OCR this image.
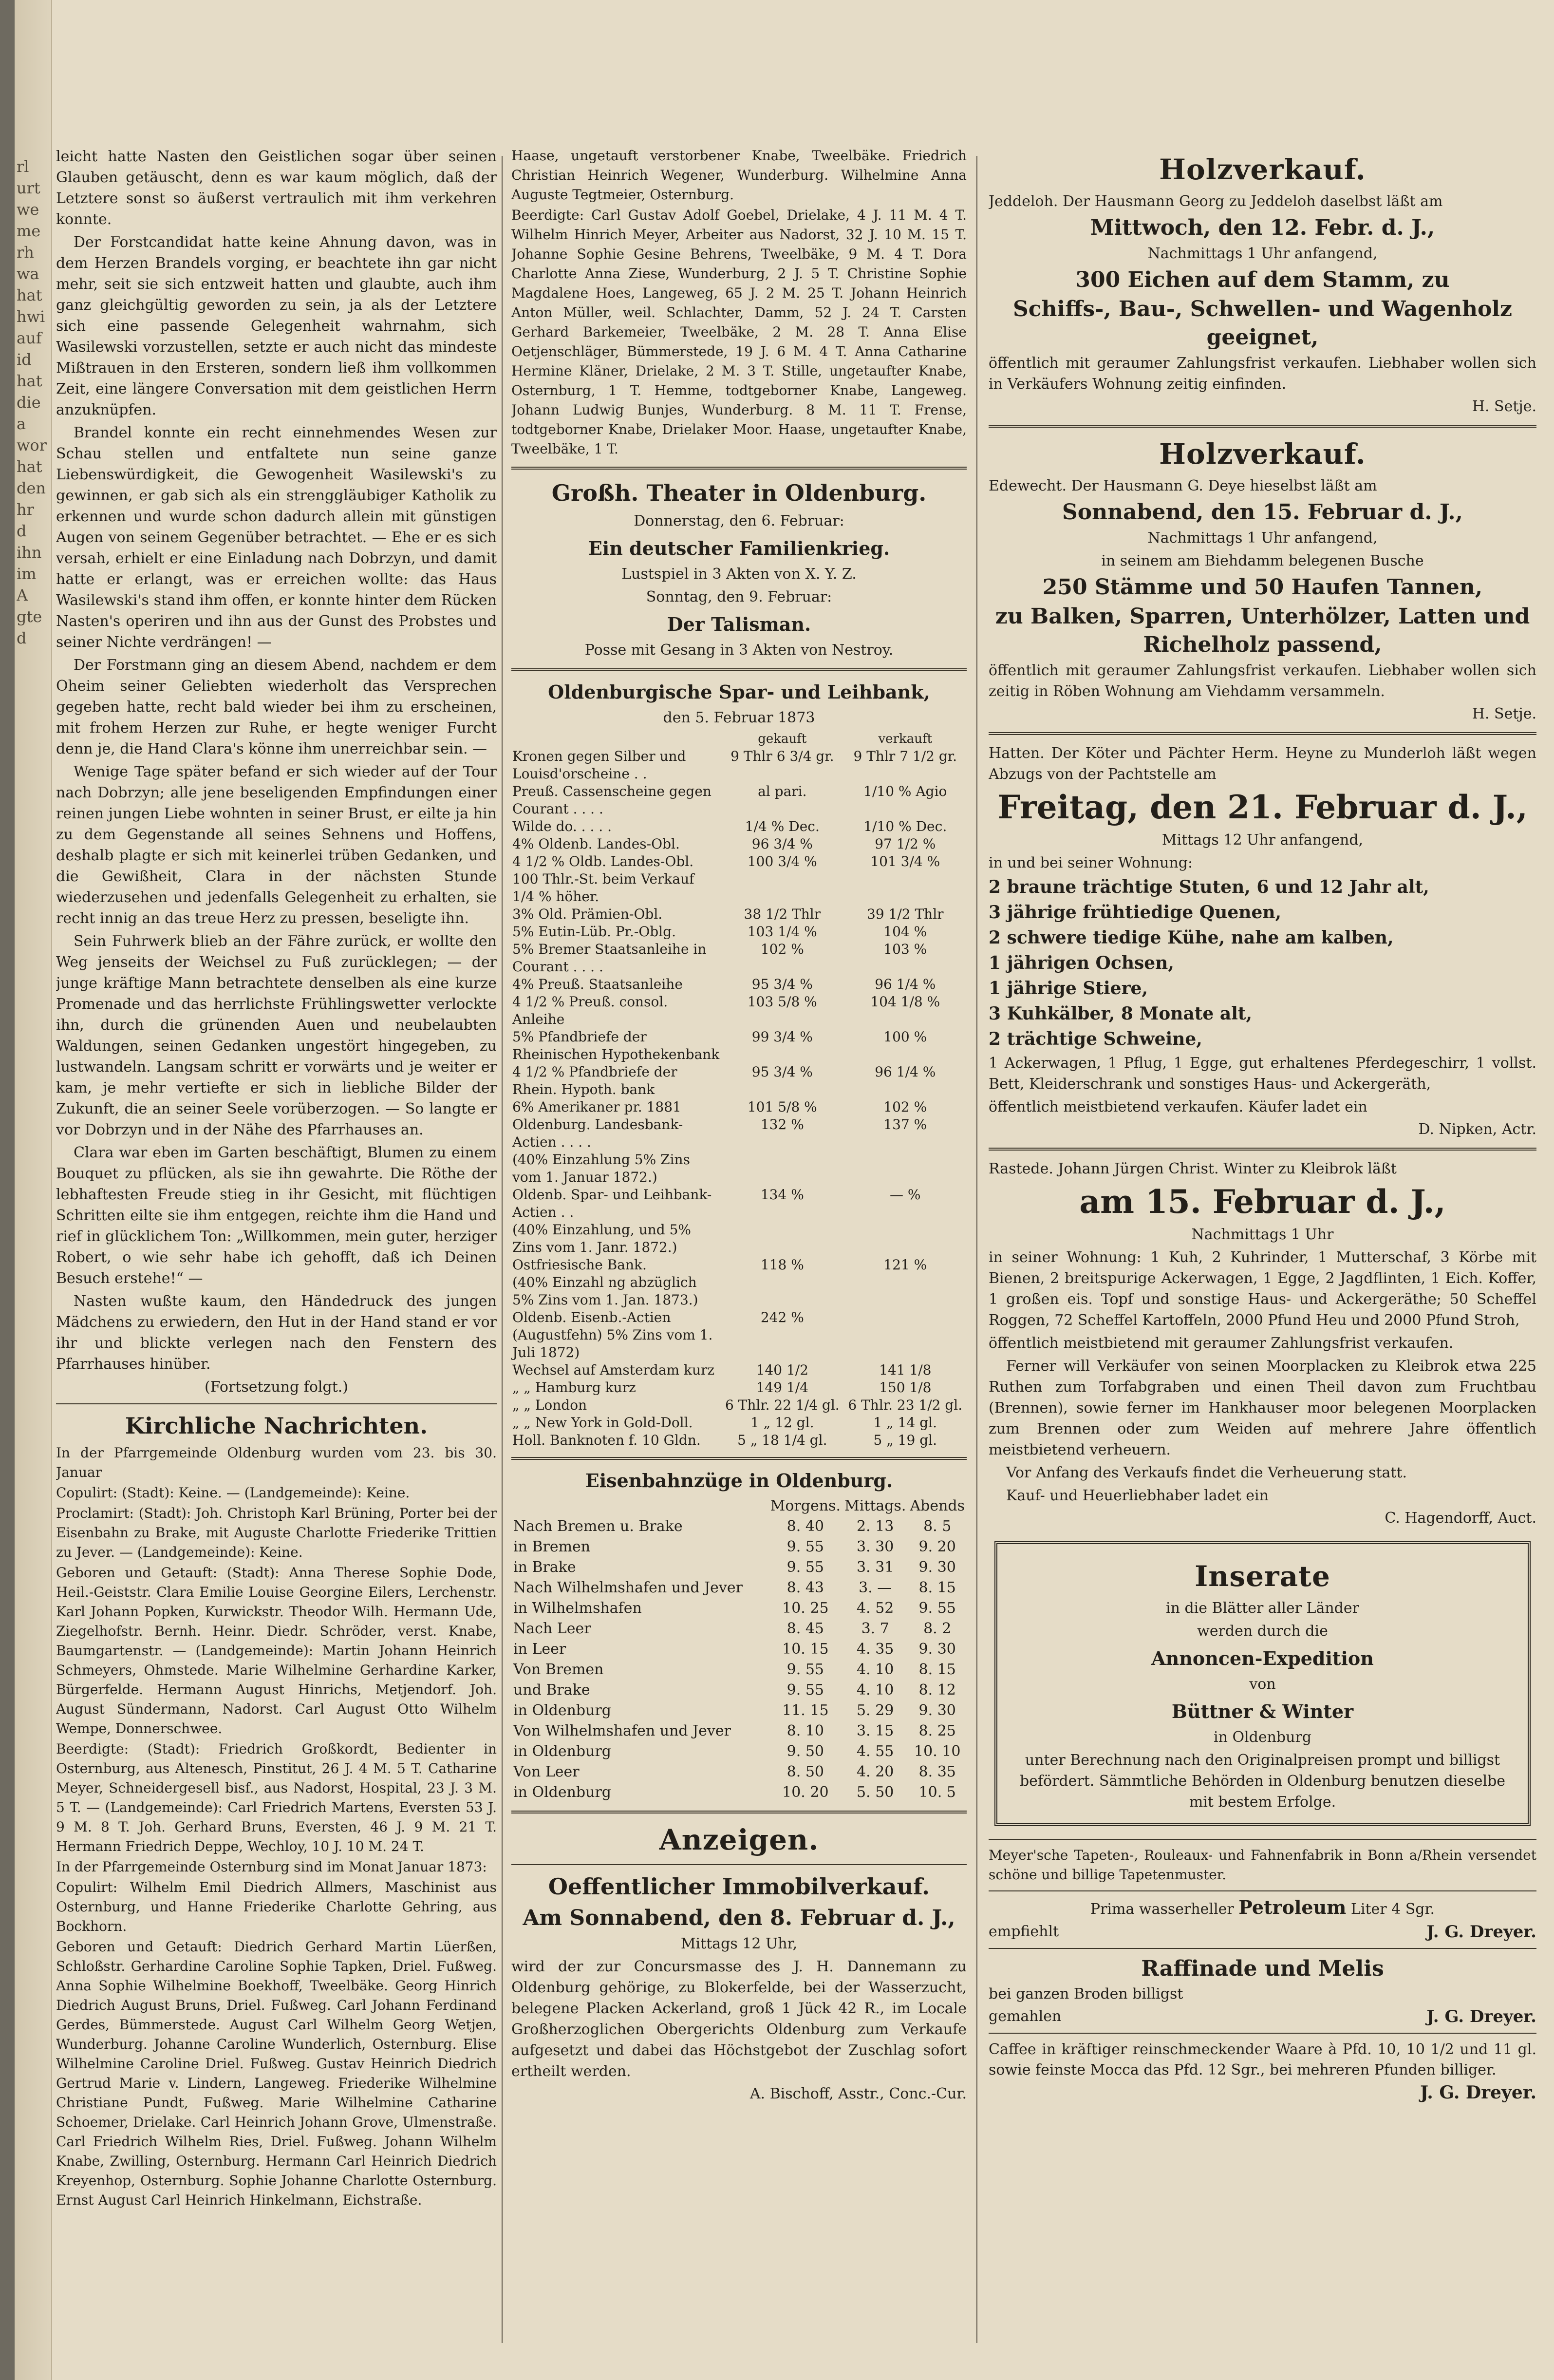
rl
urt
we
me
rh
wa
hat
hwi
auf
id
hat
die
a
wor
hat
den
hr
d
ihn
im
A
gte
d

leicht hatte Nasten den Geistlichen sogar über seinen Glauben getäuscht, denn es war kaum möglich, daß der Letztere sonst so äußerst vertraulich mit ihm verkehren konnte.

Der Forstcandidat hatte keine Ahnung davon, was in dem Herzen Brandels vorging, er beachtete ihn gar nicht mehr, seit sie sich entzweit hatten und glaubte, auch ihm ganz gleichgültig geworden zu sein, ja als der Letztere sich eine passende Gelegenheit wahrnahm, sich Wasilewski vorzustellen, setzte er auch nicht das mindeste Mißtrauen in den Ersteren, sondern ließ ihm vollkommen Zeit, eine längere Conversation mit dem geistlichen Herrn anzuknüpfen.

Brandel konnte ein recht einnehmendes Wesen zur Schau stellen und entfaltete nun seine ganze Liebenswürdigkeit, die Gewogenheit Wasilewski's zu gewinnen, er gab sich als ein strenggläubiger Katholik zu erkennen und wurde schon dadurch allein mit günstigen Augen von seinem Gegenüber betrachtet. — Ehe er es sich versah, erhielt er eine Einladung nach Dobrzyn, und damit hatte er erlangt, was er erreichen wollte: das Haus Wasilewski's stand ihm offen, er konnte hinter dem Rücken Nasten's operiren und ihn aus der Gunst des Probstes und seiner Nichte verdrängen! —

Der Forstmann ging an diesem Abend, nachdem er dem Oheim seiner Geliebten wiederholt das Versprechen gegeben hatte, recht bald wieder bei ihm zu erscheinen, mit frohem Herzen zur Ruhe, er hegte weniger Furcht denn je, die Hand Clara's könne ihm unerreichbar sein. —

Wenige Tage später befand er sich wieder auf der Tour nach Dobrzyn; alle jene beseligenden Empfindungen einer reinen jungen Liebe wohnten in seiner Brust, er eilte ja hin zu dem Gegenstande all seines Sehnens und Hoffens, deshalb plagte er sich mit keinerlei trüben Gedanken, und die Gewißheit, Clara in der nächsten Stunde wiederzusehen und jedenfalls Gelegenheit zu erhalten, sie recht innig an das treue Herz zu pressen, beseligte ihn.

Sein Fuhrwerk blieb an der Fähre zurück, er wollte den Weg jenseits der Weichsel zu Fuß zurücklegen; — der junge kräftige Mann betrachtete denselben als eine kurze Promenade und das herrlichste Frühlingswetter verlockte ihn, durch die grünenden Auen und neubelaubten Waldungen, seinen Gedanken ungestört hingegeben, zu lustwandeln. Langsam schritt er vorwärts und je weiter er kam, je mehr vertiefte er sich in liebliche Bilder der Zukunft, die an seiner Seele vorüberzogen. — So langte er vor Dobrzyn und in der Nähe des Pfarrhauses an.

Clara war eben im Garten beschäftigt, Blumen zu einem Bouquet zu pflücken, als sie ihn gewahrte. Die Röthe der lebhaftesten Freude stieg in ihr Gesicht, mit flüchtigen Schritten eilte sie ihm entgegen, reichte ihm die Hand und rief in glücklichem Ton: „Willkommen, mein guter, herziger Robert, o wie sehr habe ich gehofft, daß ich Deinen Besuch erstehe!“ —

Nasten wußte kaum, den Händedruck des jungen Mädchens zu erwiedern, den Hut in der Hand stand er vor ihr und blickte verlegen nach den Fenstern des Pfarrhauses hinüber.

(Fortsetzung folgt.)

Kirchliche Nachrichten.

In der Pfarrgemeinde Oldenburg wurden vom 23. bis 30. Januar

Copulirt: (Stadt): Keine. — (Landgemeinde): Keine.

Proclamirt: (Stadt): Joh. Christoph Karl Brüning, Porter bei der Eisenbahn zu Brake, mit Auguste Charlotte Friederike Trittien zu Jever. — (Landgemeinde): Keine.

Geboren und Getauft: (Stadt): Anna Therese Sophie Dode, Heil.-Geiststr. Clara Emilie Louise Georgine Eilers, Lerchenstr. Karl Johann Popken, Kurwickstr. Theodor Wilh. Hermann Ude, Ziegelhofstr. Bernh. Heinr. Diedr. Schröder, verst. Knabe, Baumgartenstr. — (Landgemeinde): Martin Johann Heinrich Schmeyers, Ohmstede. Marie Wilhelmine Gerhardine Karker, Bürgerfelde. Hermann August Hinrichs, Metjendorf. Joh. August Sündermann, Nadorst. Carl August Otto Wilhelm Wempe, Donnerschwee.

Beerdigte: (Stadt): Friedrich Großkordt, Bedienter in Osternburg, aus Altenesch, Pinstitut, 26 J. 4 M. 5 T. Catharine Meyer, Schneidergesell bisf., aus Nadorst, Hospital, 23 J. 3 M. 5 T. — (Landgemeinde): Carl Friedrich Martens, Eversten 53 J. 9 M. 8 T. Joh. Gerhard Bruns, Eversten, 46 J. 9 M. 21 T. Hermann Friedrich Deppe, Wechloy, 10 J. 10 M. 24 T.

In der Pfarrgemeinde Osternburg sind im Monat Januar 1873:

Copulirt: Wilhelm Emil Diedrich Allmers, Maschinist aus Osternburg, und Hanne Friederike Charlotte Gehring, aus Bockhorn.

Geboren und Getauft: Diedrich Gerhard Martin Lüerßen, Schloßstr. Gerhardine Caroline Sophie Tapken, Driel. Fußweg. Anna Sophie Wilhelmine Boekhoff, Tweelbäke. Georg Hinrich Diedrich August Bruns, Driel. Fußweg. Carl Johann Ferdinand Gerdes, Bümmerstede. August Carl Wilhelm Georg Wetjen, Wunderburg. Johanne Caroline Wunderlich, Osternburg. Elise Wilhelmine Caroline Driel. Fußweg. Gustav Heinrich Diedrich Gertrud Marie v. Lindern, Langeweg. Friederike Wilhelmine Christiane Pundt, Fußweg. Marie Wilhelmine Catharine Schoemer, Drielake. Carl Heinrich Johann Grove, Ulmenstraße. Carl Friedrich Wilhelm Ries, Driel. Fußweg. Johann Wilhelm Knabe, Zwilling, Osternburg. Hermann Carl Heinrich Diedrich Kreyenhop, Osternburg. Sophie Johanne Charlotte Osternburg. Ernst August Carl Heinrich Hinkelmann, Eichstraße.

Haase, ungetauft verstorbener Knabe, Tweelbäke. Friedrich Christian Heinrich Wegener, Wunderburg. Wilhelmine Anna Auguste Tegtmeier, Osternburg.

Beerdigte: Carl Gustav Adolf Goebel, Drielake, 4 J. 11 M. 4 T. Wilhelm Hinrich Meyer, Arbeiter aus Nadorst, 32 J. 10 M. 15 T. Johanne Sophie Gesine Behrens, Tweelbäke, 9 M. 4 T. Dora Charlotte Anna Ziese, Wunderburg, 2 J. 5 T. Christine Sophie Magdalene Hoes, Langeweg, 65 J. 2 M. 25 T. Johann Heinrich Anton Müller, weil. Schlachter, Damm, 52 J. 24 T. Carsten Gerhard Barkemeier, Tweelbäke, 2 M. 28 T. Anna Elise Oetjenschläger, Bümmerstede, 19 J. 6 M. 4 T. Anna Catharine Hermine Kläner, Drielake, 2 M. 3 T. Stille, ungetaufter Knabe, Osternburg, 1 T. Hemme, todtgeborner Knabe, Langeweg. Johann Ludwig Bunjes, Wunderburg. 8 M. 11 T. Frense, todtgeborner Knabe, Drielaker Moor. Haase, ungetaufter Knabe, Tweelbäke, 1 T.

Großh. Theater in Oldenburg.

Donnerstag, den 6. Februar:

Ein deutscher Familienkrieg.

Lustspiel in 3 Akten von X. Y. Z.

Sonntag, den 9. Februar:

Der Talisman.

Posse mit Gesang in 3 Akten von Nestroy.

Oldenburgische Spar- und Leihbank,

den 5. Februar 1873

	gekauft	verkauft
Kronen gegen Silber und Louisd'orscheine . .	9 Thlr 6 3/4 gr.	9 Thlr 7 1/2 gr.
Preuß. Cassenscheine gegen Courant . . . .	al pari.	1/10 % Agio
Wilde do. . . . .	1/4 % Dec.	1/10 % Dec.
4% Oldenb. Landes-Obl.	96 3/4 %	97 1/2 %
4 1/2 % Oldb. Landes-Obl.	100 3/4 %	101 3/4 %
100 Thlr.-St. beim Verkauf 1/4 % höher.		
3% Old. Prämien-Obl.	38 1/2 Thlr	39 1/2 Thlr
5% Eutin-Lüb. Pr.-Oblg.	103 1/4 %	104 %
5% Bremer Staatsanleihe in Courant . . . .	102 %	103 %
4% Preuß. Staatsanleihe	95 3/4 %	96 1/4 %
4 1/2 % Preuß. consol. Anleihe	103 5/8 %	104 1/8 %
5% Pfandbriefe der Rheinischen Hypothekenbank	99 3/4 %	100 %
4 1/2 % Pfandbriefe der Rhein. Hypoth. bank	95 3/4 %	96 1/4 %
6% Amerikaner pr. 1881	101 5/8 %	102 %
Oldenburg. Landesbank-Actien . . . .	132 %	137 %
(40% Einzahlung 5% Zins vom 1. Januar 1872.)		
Oldenb. Spar- und Leihbank-Actien . .	134 %	— %
(40% Einzahlung, und 5% Zins vom 1. Janr. 1872.)		
Ostfriesische Bank.	118 %	121 %
(40% Einzahl ng abzüglich 5% Zins vom 1. Jan. 1873.)		
Oldenb. Eisenb.-Actien (Augustfehn) 5% Zins vom 1. Juli 1872)	242 %	
Wechsel auf Amsterdam kurz	140 1/2	141 1/8
„ „ Hamburg kurz	149 1/4	150 1/8
„ „ London	6 Thlr. 22 1/4 gl.	6 Thlr. 23 1/2 gl.
„ „ New York in Gold-Doll.	1 „ 12 gl.	1 „ 14 gl.
Holl. Banknoten f. 10 Gldn.	5 „ 18 1/4 gl.	5 „ 19 gl.
Eisenbahnzüge in Oldenburg.
	Morgens.	Mittags.	Abends
Nach Bremen u. Brake	8. 40	2. 13	8. 5
in Bremen	9. 55	3. 30	9. 20
in Brake	9. 55	3. 31	9. 30
Nach Wilhelmshafen und Jever	8. 43	3. —	8. 15
in Wilhelmshafen	10. 25	4. 52	9. 55
Nach Leer	8. 45	3. 7	8. 2
in Leer	10. 15	4. 35	9. 30
Von Bremen	9. 55	4. 10	8. 15
und Brake	9. 55	4. 10	8. 12
in Oldenburg	11. 15	5. 29	9. 30
Von Wilhelmshafen und Jever	8. 10	3. 15	8. 25
in Oldenburg	9. 50	4. 55	10. 10
Von Leer	8. 50	4. 20	8. 35
in Oldenburg	10. 20	5. 50	10. 5
Anzeigen.
Oeffentlicher Immobilverkauf.
Am Sonnabend, den 8. Februar d. J.,

Mittags 12 Uhr,

wird der zur Concursmasse des J. H. Dannemann zu Oldenburg gehörige, zu Blokerfelde, bei der Wasserzucht, belegene Placken Ackerland, groß 1 Jück 42 R., im Locale Großherzoglichen Obergerichts Oldenburg zum Verkaufe aufgesetzt und dabei das Höchstgebot der Zuschlag sofort ertheilt werden.

A. Bischoff, Asstr., Conc.-Cur.

Holzverkauf.

Jeddeloh. Der Hausmann Georg zu Jeddeloh daselbst läßt am

Mittwoch, den 12. Febr. d. J.,

Nachmittags 1 Uhr anfangend,

300 Eichen auf dem Stamm, zu
Schiffs-, Bau-, Schwellen- und Wagenholz geeignet,

öffentlich mit geraumer Zahlungsfrist verkaufen. Liebhaber wollen sich in Verkäufers Wohnung zeitig einfinden.

H. Setje.

Holzverkauf.

Edewecht. Der Hausmann G. Deye hieselbst läßt am

Sonnabend, den 15. Februar d. J.,

Nachmittags 1 Uhr anfangend,

in seinem am Biehdamm belegenen Busche

250 Stämme und 50 Haufen Tannen,
zu Balken, Sparren, Unterhölzer, Latten und Richelholz passend,

öffentlich mit geraumer Zahlungsfrist verkaufen. Liebhaber wollen sich zeitig in Röben Wohnung am Viehdamm versammeln.

H. Setje.

Hatten. Der Köter und Pächter Herm. Heyne zu Munderloh läßt wegen Abzugs von der Pachtstelle am

Freitag, den 21. Februar d. J.,

Mittags 12 Uhr anfangend,

in und bei seiner Wohnung:

2 braune trächtige Stuten, 6 und 12 Jahr alt,

3 jährige frühtiedige Quenen,

2 schwere tiedige Kühe, nahe am kalben,

1 jährigen Ochsen,

1 jährige Stiere,

3 Kuhkälber, 8 Monate alt,

2 trächtige Schweine,

1 Ackerwagen, 1 Pflug, 1 Egge, gut erhaltenes Pferdegeschirr, 1 vollst. Bett, Kleiderschrank und sonstiges Haus- und Ackergeräth,

öffentlich meistbietend verkaufen. Käufer ladet ein

D. Nipken, Actr.

Rastede. Johann Jürgen Christ. Winter zu Kleibrok läßt

am 15. Februar d. J.,

Nachmittags 1 Uhr

in seiner Wohnung: 1 Kuh, 2 Kuhrinder, 1 Mutterschaf, 3 Körbe mit Bienen, 2 breitspurige Ackerwagen, 1 Egge, 2 Jagdflinten, 1 Eich. Koffer, 1 großen eis. Topf und sonstige Haus- und Ackergeräthe; 50 Scheffel Roggen, 72 Scheffel Kartoffeln, 2000 Pfund Heu und 2000 Pfund Stroh,

öffentlich meistbietend mit geraumer Zahlungsfrist verkaufen.

Ferner will Verkäufer von seinen Moorplacken zu Kleibrok etwa 225 Ruthen zum Torfabgraben und einen Theil davon zum Fruchtbau (Brennen), sowie ferner im Hankhauser moor belegenen Moorplacken zum Brennen oder zum Weiden auf mehrere Jahre öffentlich meistbietend verheuern.

Vor Anfang des Verkaufs findet die Verheuerung statt.

Kauf- und Heuerliebhaber ladet ein

C. Hagendorff, Auct.

Inserate

in die Blätter aller Länder

werden durch die

Annoncen-Expedition

von

Büttner & Winter

in Oldenburg

unter Berechnung nach den Originalpreisen prompt und billigst befördert. Sämmtliche Behörden in Oldenburg benutzen dieselbe mit bestem Erfolge.

Meyer'sche Tapeten-, Rouleaux- und Fahnenfabrik in Bonn a/Rhein versendet schöne und billige Tapetenmuster.

Prima wasserheller Petroleum Liter 4 Sgr.

empfiehlt	J. G. Dreyer.

Raffinade und Melis

bei ganzen Broden billigst

gemahlen	J. G. Dreyer.

Caffee in kräftiger reinschmeckender Waare à Pfd. 10, 10 1/2 und 11 gl. sowie feinste Mocca das Pfd. 12 Sgr., bei mehreren Pfunden billiger.

J. G. Dreyer.
